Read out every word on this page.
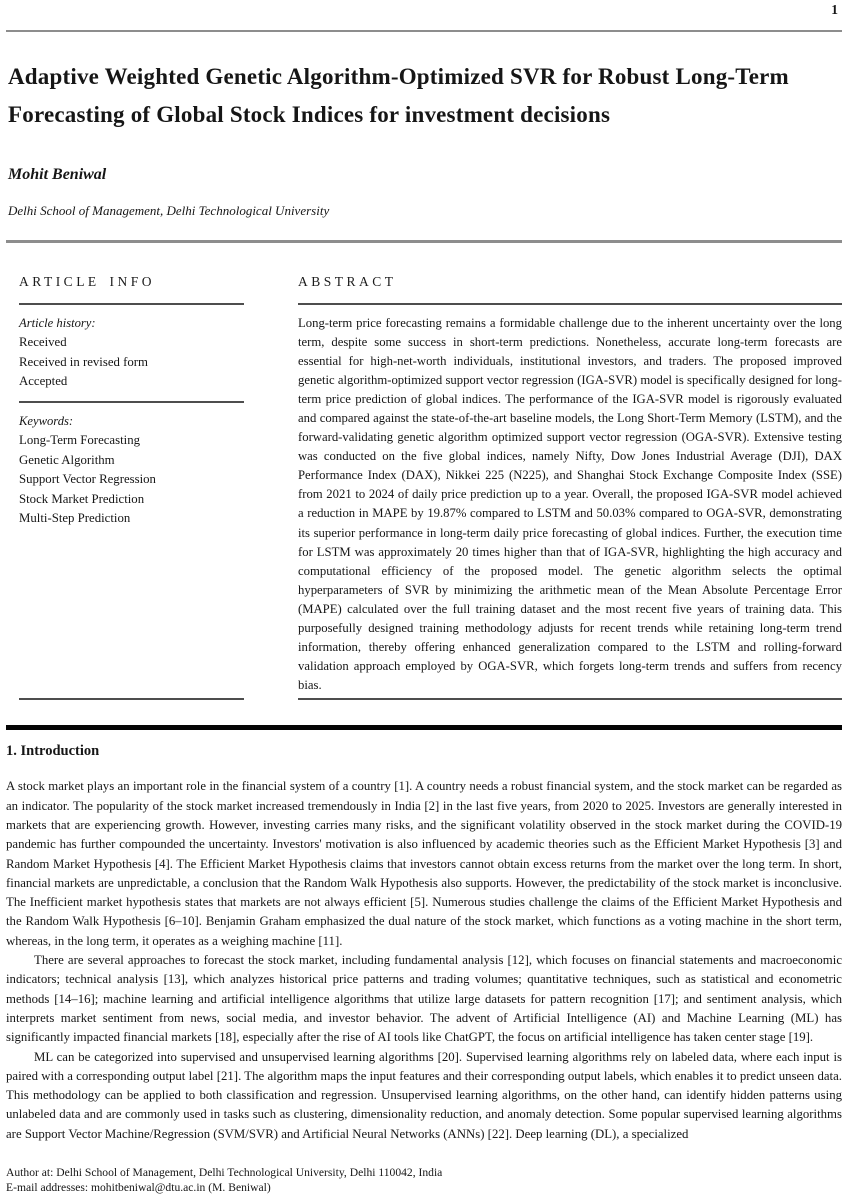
1
Adaptive Weighted Genetic Algorithm-Optimized SVR for Robust Long-Term Forecasting of Global Stock Indices for investment decisions
Mohit Beniwal
Delhi School of Management, Delhi Technological University
ARTICLE INFO
Article history:
Received
Received in revised form
Accepted
Keywords:
Long-Term Forecasting
Genetic Algorithm
Support Vector Regression
Stock Market Prediction
Multi-Step Prediction
ABSTRACT
Long-term price forecasting remains a formidable challenge due to the inherent uncertainty over the long term, despite some success in short-term predictions. Nonetheless, accurate long-term forecasts are essential for high-net-worth individuals, institutional investors, and traders. The proposed improved genetic algorithm-optimized support vector regression (IGA-SVR) model is specifically designed for long-term price prediction of global indices. The performance of the IGA-SVR model is rigorously evaluated and compared against the state-of-the-art baseline models, the Long Short-Term Memory (LSTM), and the forward-validating genetic algorithm optimized support vector regression (OGA-SVR). Extensive testing was conducted on the five global indices, namely Nifty, Dow Jones Industrial Average (DJI), DAX Performance Index (DAX), Nikkei 225 (N225), and Shanghai Stock Exchange Composite Index (SSE) from 2021 to 2024 of daily price prediction up to a year. Overall, the proposed IGA-SVR model achieved a reduction in MAPE by 19.87% compared to LSTM and 50.03% compared to OGA-SVR, demonstrating its superior performance in long-term daily price forecasting of global indices. Further, the execution time for LSTM was approximately 20 times higher than that of IGA-SVR, highlighting the high accuracy and computational efficiency of the proposed model. The genetic algorithm selects the optimal hyperparameters of SVR by minimizing the arithmetic mean of the Mean Absolute Percentage Error (MAPE) calculated over the full training dataset and the most recent five years of training data. This purposefully designed training methodology adjusts for recent trends while retaining long-term trend information, thereby offering enhanced generalization compared to the LSTM and rolling-forward validation approach employed by OGA-SVR, which forgets long-term trends and suffers from recency bias.
1. Introduction

A stock market plays an important role in the financial system of a country [1]. A country needs a robust financial system, and the stock market can be regarded as an indicator. The popularity of the stock market increased tremendously in India [2] in the last five years, from 2020 to 2025. Investors are generally interested in markets that are experiencing growth. However, investing carries many risks, and the significant volatility observed in the stock market during the COVID-19 pandemic has further compounded the uncertainty. Investors' motivation is also influenced by academic theories such as the Efficient Market Hypothesis [3] and Random Market Hypothesis [4]. The Efficient Market Hypothesis claims that investors cannot obtain excess returns from the market over the long term. In short, financial markets are unpredictable, a conclusion that the Random Walk Hypothesis also supports. However, the predictability of the stock market is inconclusive. The Inefficient market hypothesis states that markets are not always efficient [5]. Numerous studies challenge the claims of the Efficient Market Hypothesis and the Random Walk Hypothesis [6–10]. Benjamin Graham emphasized the dual nature of the stock market, which functions as a voting machine in the short term, whereas, in the long term, it operates as a weighing machine [11].

There are several approaches to forecast the stock market, including fundamental analysis [12], which focuses on financial statements and macroeconomic indicators; technical analysis [13], which analyzes historical price patterns and trading volumes; quantitative techniques, such as statistical and econometric methods [14–16]; machine learning and artificial intelligence algorithms that utilize large datasets for pattern recognition [17]; and sentiment analysis, which interprets market sentiment from news, social media, and investor behavior. The advent of Artificial Intelligence (AI) and Machine Learning (ML) has significantly impacted financial markets [18], especially after the rise of AI tools like ChatGPT, the focus on artificial intelligence has taken center stage [19].

ML can be categorized into supervised and unsupervised learning algorithms [20]. Supervised learning algorithms rely on labeled data, where each input is paired with a corresponding output label [21]. The algorithm maps the input features and their corresponding output labels, which enables it to predict unseen data. This methodology can be applied to both classification and regression. Unsupervised learning algorithms, on the other hand, can identify hidden patterns using unlabeled data and are commonly used in tasks such as clustering, dimensionality reduction, and anomaly detection. Some popular supervised learning algorithms are Support Vector Machine/Regression (SVM/SVR) and Artificial Neural Networks (ANNs) [22]. Deep learning (DL), a specialized

Author at: Delhi School of Management, Delhi Technological University, Delhi 110042, India
E-mail addresses: mohitbeniwal@dtu.ac.in (M. Beniwal)
